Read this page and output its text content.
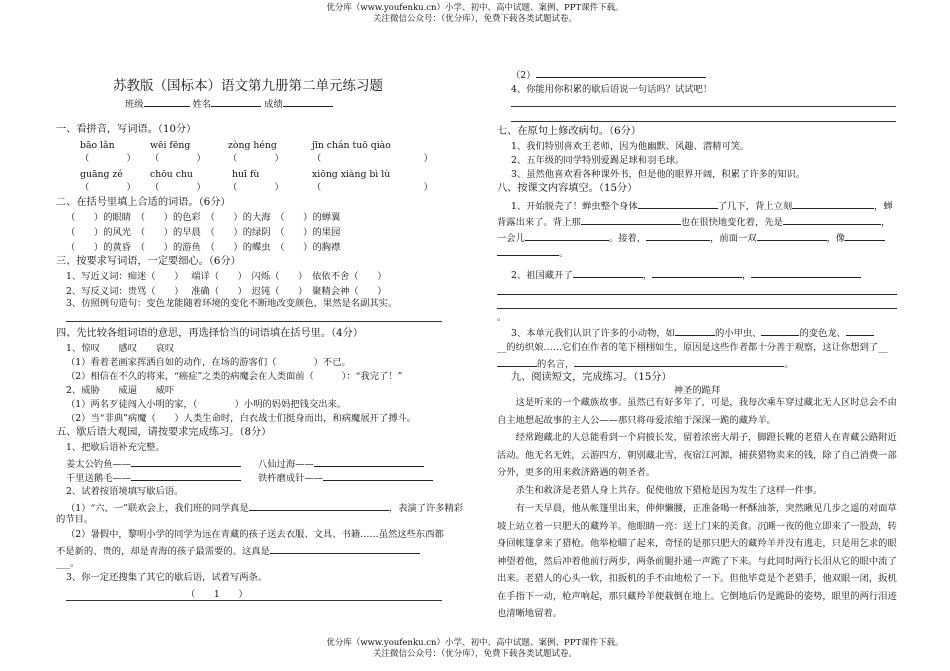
优分库（www.youfenku.cn）小学、初中、高中试题、案例、PPT课件下载。
关注微信公众号：（优分库），免费下载各类试题试卷。
苏教版（国标本）语文第九册第二单元练习题
班级	姓名	成绩
一、看拼音，写词语。（10分）
bāo lǎn	wēi fēng	zòng héng	jīn chán tuō qiào
（　　　　） （　　　　） （　　　　）	（　　　　　　　　　　　）
guāng zé	chōu chu	huī fù	xiōng xiàng bì lù
（　　　　） （　　　　） （　　　　）	（　　　　　　　　　　　）
二、在括号里填上合适的词语。（6分）
（　　）的眼睛　（　　）的色彩　（　　）的大海　（　　）的蝉翼
（　　）的风光　（　　）的早晨　（　　）的绿阴　（　　）的果园
（　　）的黄昏　（　　）的游鱼　（　　）的蝶虫　（　　）的胸襟
三、按要求写词语，一定要细心。（6分）
1、写近义词：痴迷（　　 ）　 端详（　　 ）　 闪烁（　　 ）　 依依不舍（　　 ）
2、写反义词：贵骂（　　 ）　 准确（　　 ）　 迟钝（　　 ）　 聚精会神（　　 ）
3、仿照例句造句：变色龙能随着环境的变化不断地改变颜色，果然是名副其实。
四、先比较各组词语的意思，再选择恰当的词语填在括号里。（4分）
1、惊叹　　感叹　　哀叹
（1）看着老画家挥洒自如的动作，在场的游客们（　　　　）不已。
（2）相信在不久的将来，“癌症”之类的病魔会在人类面前（　　　）：“我完了！”
2、威胁　　威逼　　威吓
（1）两名歹徒闯入小明的家，（　　　　）小明的妈妈把钱交出来。
（2）当“非典”病魔（　　）人类生命时，白衣战士们挺身而出，和病魔展开了搏斗。
五、歇后语大观园，请按要求完成练习。（8分）
1、把歇后语补充完整。
姜太公钓鱼——	八仙过海——
千里送鹅毛——	铁杵磨成针——
2、试着按语境填写歇后语。
（1）“六、一”联欢会上，我们班的同学真是	，表演了许多精彩
的节目。
（2）暑假中，黎明小学的同学为远在青藏的孩子送去衣服、文具、书籍……虽然这些东西都
不是新的、贵的，却是青海的孩子最需要的。这真是
___。
3、你一定还搜集了其它的歇后语，试着写两条。
（　　1　　）
（2）
4、你能用你积累的歇后语说一句话吗？试试吧！
七、在原句上修改病句。（6分）
1、我们特别喜欢王老师，因为他幽默、风趣、潜精可笑。
2、五年级的同学特别爱踢足球和羽毛球。
3、虽然他喜欢看各种课外书，但是他的眼界开阔，积累了许多的知识。
八、按课文内容填空。（15分）
1、开始脱壳了！蝉虫整个身体	了几下，背上立刻	，蝉
背露出来了。背上那	也在很快地变化着，先是	，
一会儿	。接着，	，前面一双	，像
。
2、祖国藏开了	，	，
。
3、本单元我们认识了许多的小动物，如	的小甲虫、	的变色龙、
__的纺织娘……它们在作者的笔下栩栩如生，原因是这些作者都十分善于观察，这让你想到了__
的名言，	。
九、阅读短文，完成练习。（15分）
神圣的跪拜
这是听来的一个藏族故事。虽然已有好多年了，可是，我每次乘车穿过藏北无人区时总会不由自主地想起故事的主人公——那只将母爱浓缩于深深一跪的藏羚羊。
经常跑藏北的人总能看到一个肩披长发，留着浓密大胡子，脚蹬长靴的老猎人在青藏公路附近活动。他无名无姓，云游四方，朝别藏北雪，夜宿江河源，捕获猎物卖来的钱，除了自己消费一部分外，更多的用来救济路遇的朝圣者。
杀生和救济是老猎人身上共存。促使他放下猎枪是因为发生了这样一件事。
有一天早晨，他从帐篷里出来，伸伸懒腰，正准备喝一杯酥油茶，突然瞅见几步之遥的对面草坡上站立着一只肥大的藏羚羊。他眼睛一亮：送上门来的美食。沉睡一夜的他立即来了一股劲，转身回帐篷拿来了猎枪。他举枪瞄了起来，奇怪的是那只肥大的藏羚羊并没有逃走，只是用乞求的眼神望着他，然后冲着他前行两步，两条前腿扑通一声跪了下来。与此同时两行长泪从它的眼中流了出来。老猎人的心头一软，扣扳机的手不由地松了一下。但他毕竟是个老猎手，他双眼一闭，扳机在手指下一动，枪声响起，那只藏羚羊便栽倒在地上。它倒地后仍是跪卧的姿势，眼里的两行泪迹也清晰地留着。
优分库（www.youfenku.cn）小学、初中、高中试题、案例、PPT课件下载。
关注微信公众号：（优分库），免费下载各类试题试卷。
